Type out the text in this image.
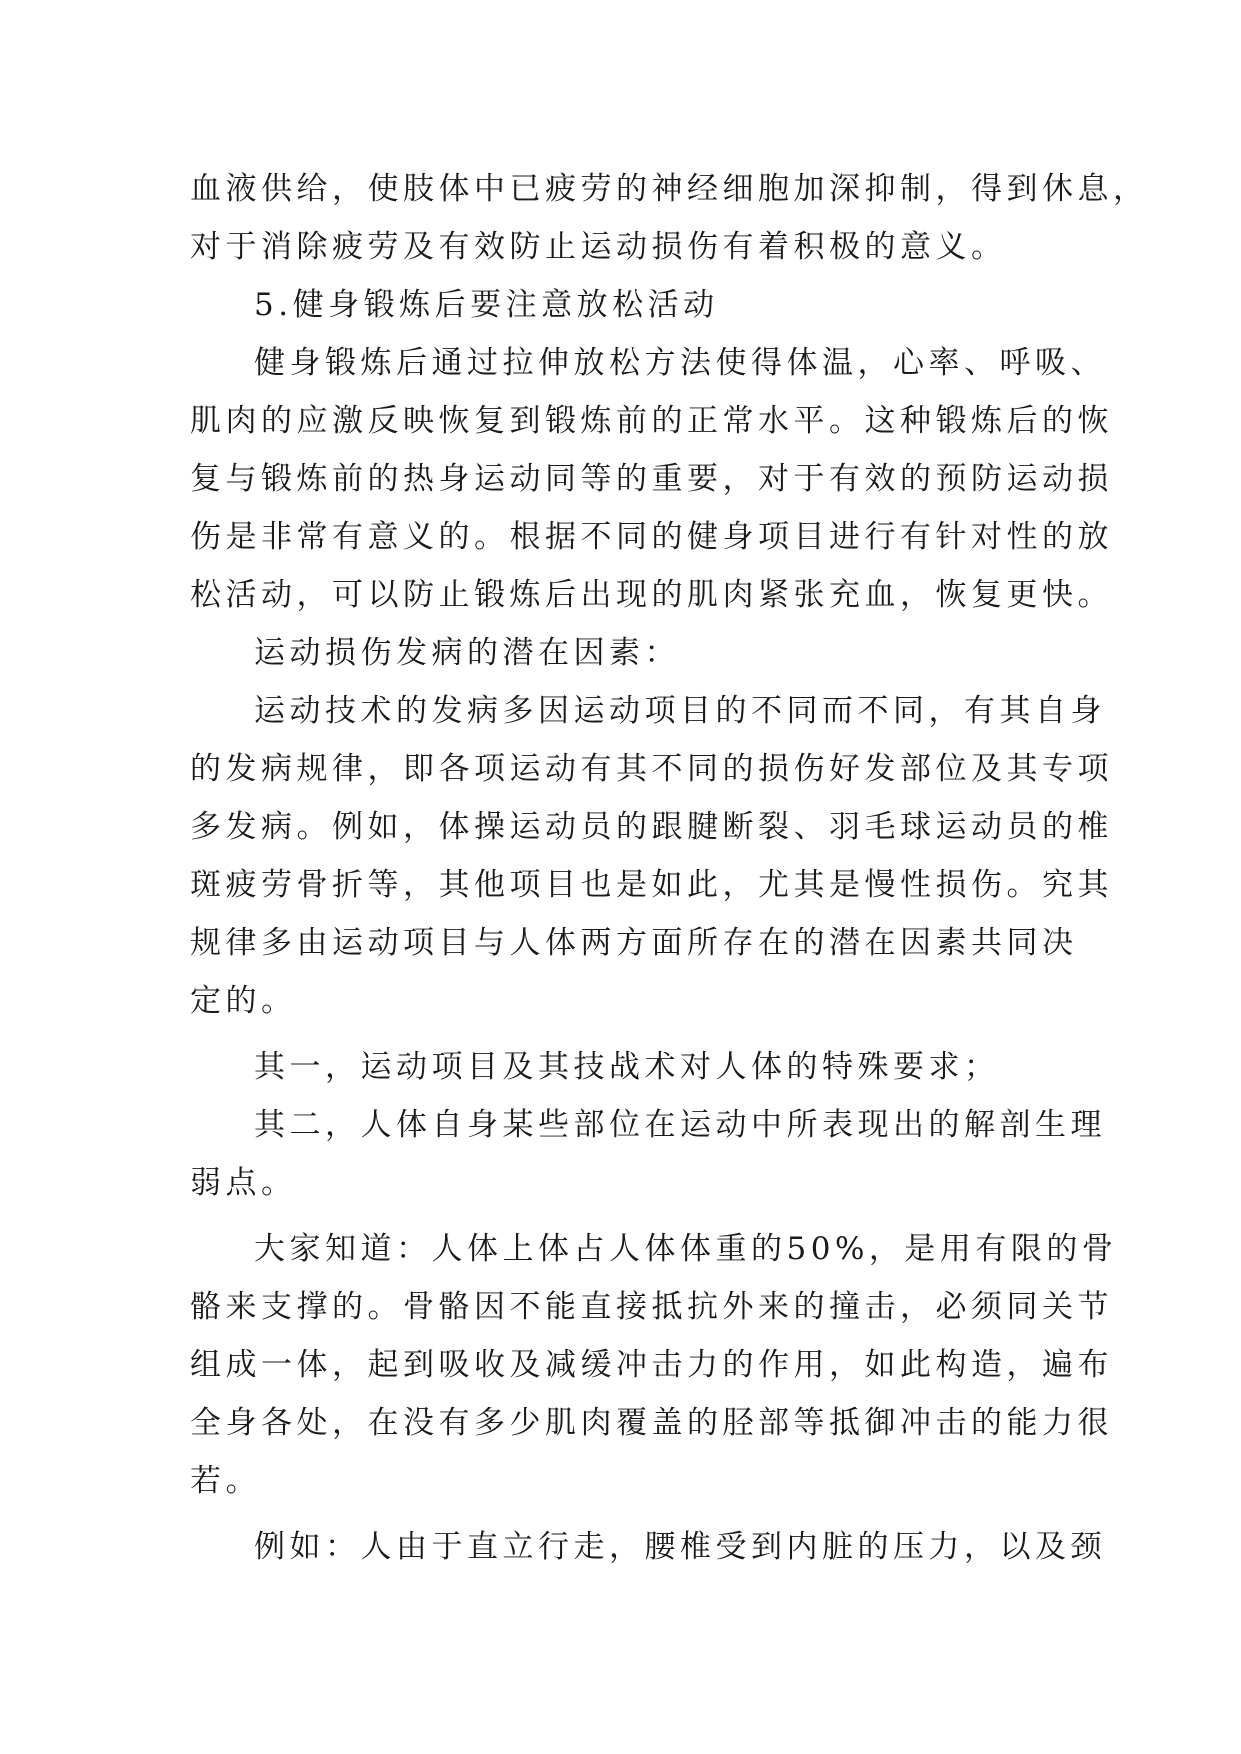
血液供给，使肢体中已疲劳的神经细胞加深抑制，得到休息，
对于消除疲劳及有效防止运动损伤有着积极的意义。
5.健身锻炼后要注意放松活动
健身锻炼后通过拉伸放松方法使得体温，心率、呼吸、
肌肉的应激反映恢复到锻炼前的正常水平。这种锻炼后的恢
复与锻炼前的热身运动同等的重要，对于有效的预防运动损
伤是非常有意义的。根据不同的健身项目进行有针对性的放
松活动，可以防止锻炼后出现的肌肉紧张充血，恢复更快。
运动损伤发病的潜在因素：
运动技术的发病多因运动项目的不同而不同，有其自身
的发病规律，即各项运动有其不同的损伤好发部位及其专项
多发病。例如，体操运动员的跟腱断裂、羽毛球运动员的椎
斑疲劳骨折等，其他项目也是如此，尤其是慢性损伤。究其
规律多由运动项目与人体两方面所存在的潜在因素共同决
定的。
其一，运动项目及其技战术对人体的特殊要求；
其二，人体自身某些部位在运动中所表现出的解剖生理
弱点。
大家知道：人体上体占人体体重的50%，是用有限的骨
骼来支撑的。骨骼因不能直接抵抗外来的撞击，必须同关节
组成一体，起到吸收及减缓冲击力的作用，如此构造，遍布
全身各处，在没有多少肌肉覆盖的胫部等抵御冲击的能力很
若。
例如：人由于直立行走，腰椎受到内脏的压力，以及颈
